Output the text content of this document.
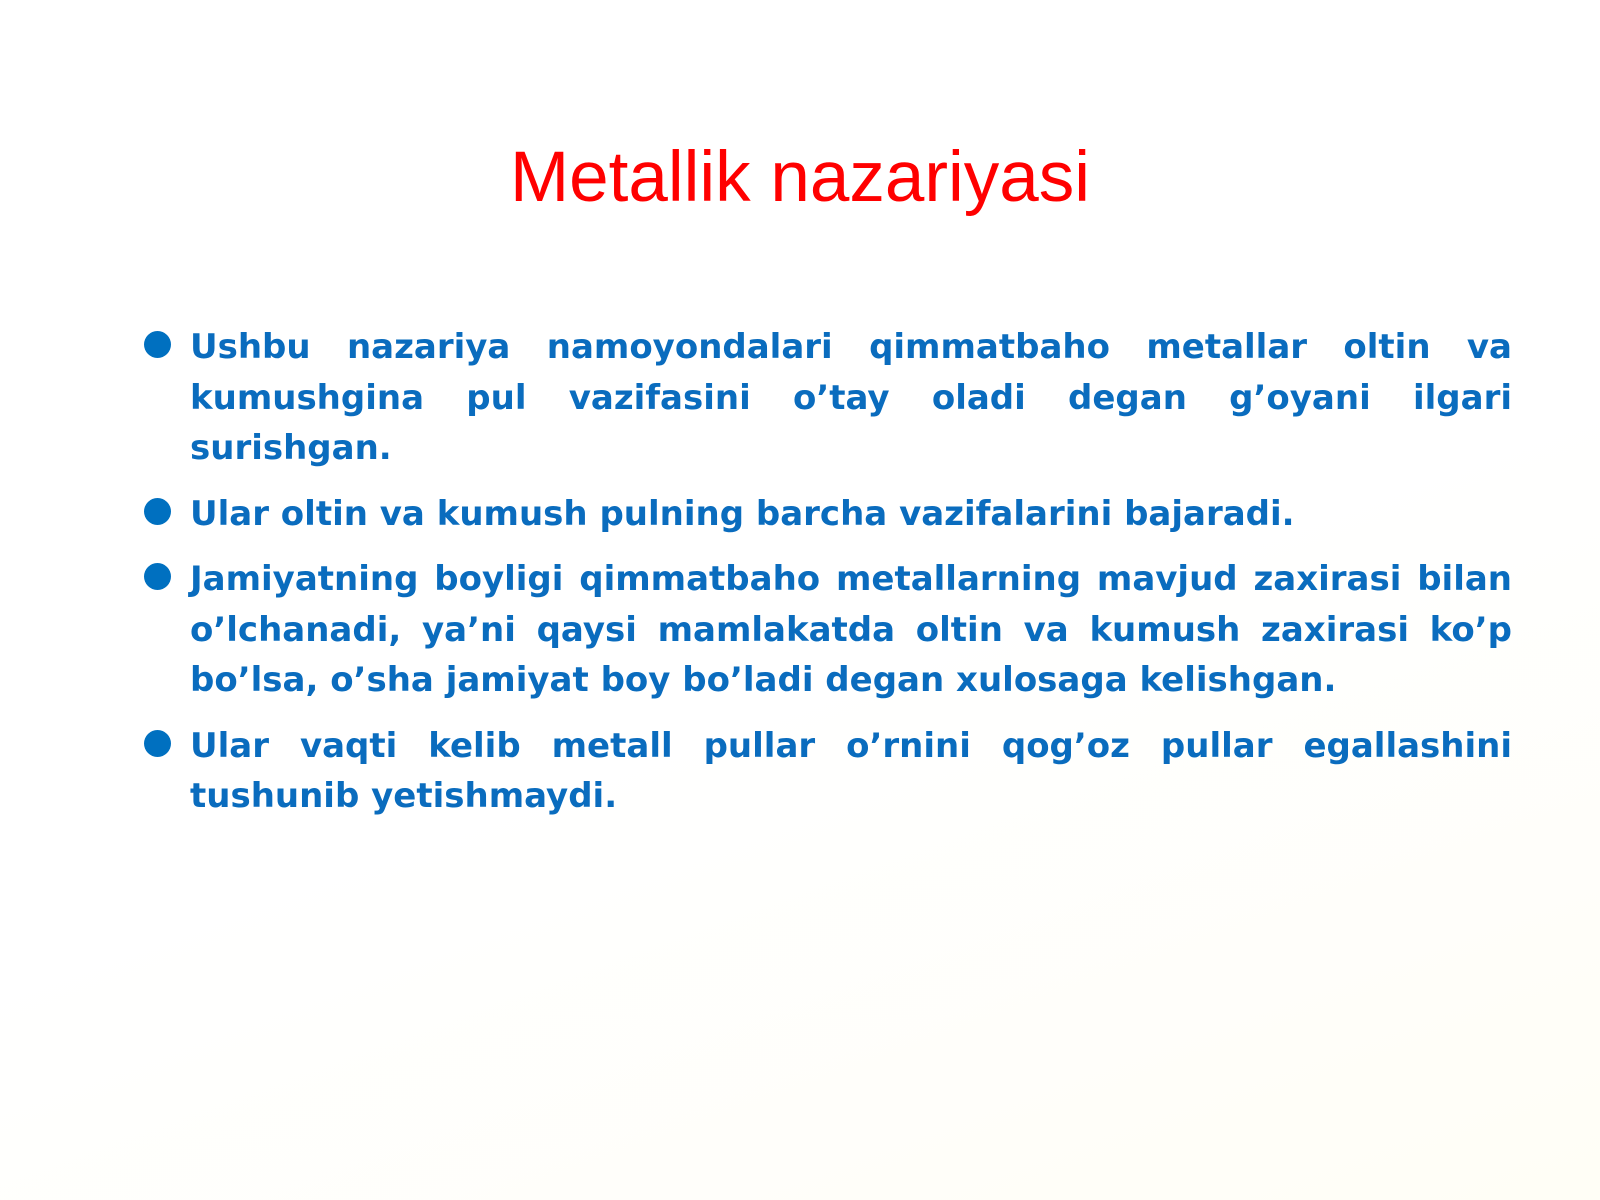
Metallik nazariyasi
Ushbu nazariya namoyondalari qimmatbaho metallar oltin va kumushgina pul vazifasini o’tay oladi degan g’oyani ilgari surishgan.
Ular oltin va kumush pulning barcha vazifalarini bajaradi.
Jamiyatning boyligi qimmatbaho metallarning mavjud zaxirasi bilan o’lchanadi, ya’ni qaysi mamlakatda oltin va kumush zaxirasi ko’p bo’lsa, o’sha jamiyat boy bo’ladi degan xulosaga kelishgan.
Ular vaqti kelib metall pullar o’rnini qog’oz pullar egallashini tushunib yetishmaydi.
